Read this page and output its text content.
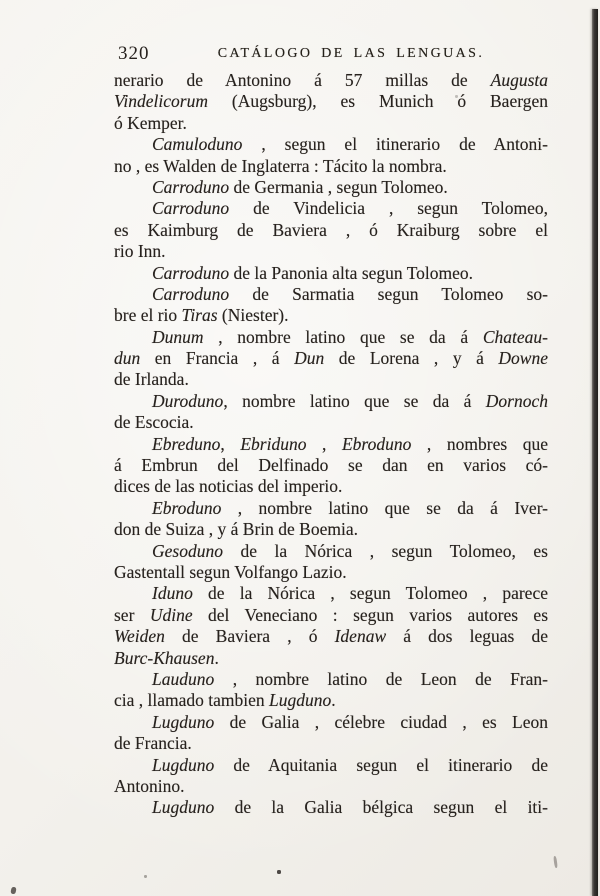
320	CATÁLOGO DE LAS LENGUAS.
nerario de Antonino á 57 millas de Augusta
Vindelicorum (Augsburg), es Munich ó Baergen
ó Kemper.
Camuloduno , segun el itinerario de Antoni-
no , es Walden de Inglaterra : Tácito la nombra.
Carroduno de Germania , segun Tolomeo.
Carroduno de Vindelicia , segun Tolomeo,
es Kaimburg de Baviera , ó Kraiburg sobre el
rio Inn.
Carroduno de la Panonia alta segun Tolomeo.
Carroduno de Sarmatia segun Tolomeo so-
bre el rio Tiras (Niester).
Dunum , nombre latino que se da á Chateau-
dun en Francia , á Dun de Lorena , y á Downe
de Irlanda.
Duroduno, nombre latino que se da á Dornoch
de Escocia.
Ebreduno, Ebriduno , Ebroduno , nombres que
á Embrun del Delfinado se dan en varios có-
dices de las noticias del imperio.
Ebroduno , nombre latino que se da á Iver-
don de Suiza , y á Brin de Boemia.
Gesoduno de la Nórica , segun Tolomeo, es
Gastentall segun Volfango Lazio.
Iduno de la Nórica , segun Tolomeo , parece
ser Udine del Veneciano : segun varios autores es
Weiden de Baviera , ó Idenaw á dos leguas de
Burc-Khausen.
Lauduno , nombre latino de Leon de Fran-
cia , llamado tambien Lugduno.
Lugduno de Galia , célebre ciudad , es Leon
de Francia.
Lugduno de Aquitania segun el itinerario de
Antonino.
Lugduno de la Galia bélgica segun el iti-
